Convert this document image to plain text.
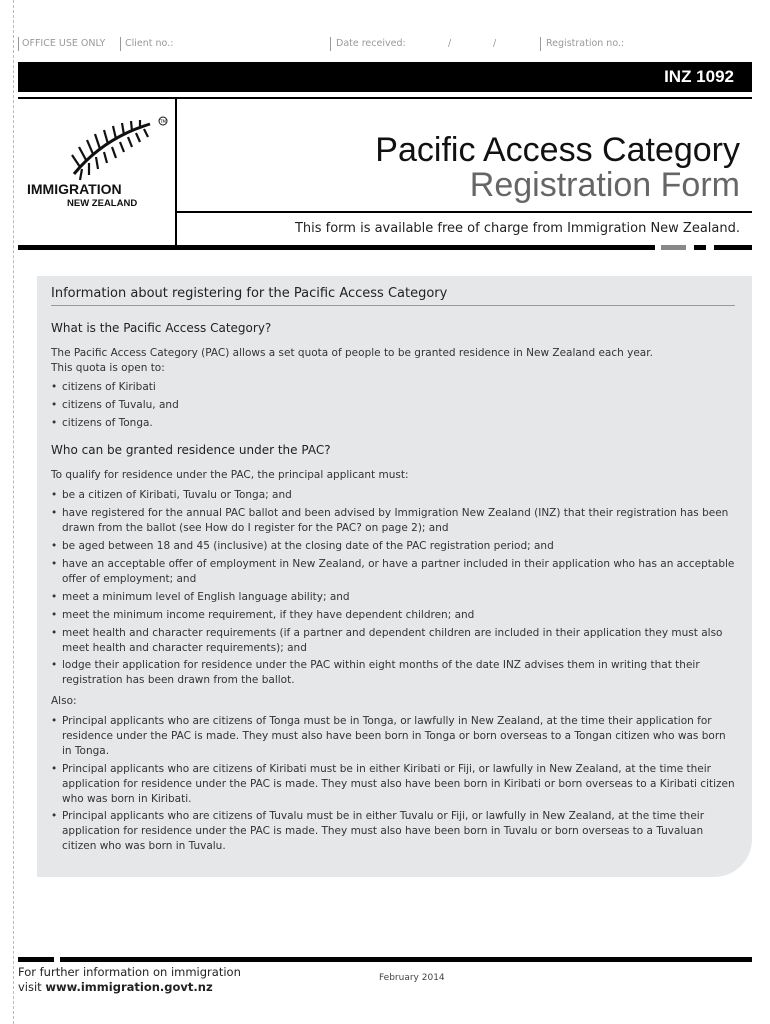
OFFICE USE ONLY Client no.:	Date received:	/	/	Registration no.:
INZ 1092
TM
IMMIGRATION
NEW ZEALAND
Pacific Access Category
Registration Form
This form is available free of charge from Immigration New Zealand.
Information about registering for the Pacific Access Category
What is the Pacific Access Category?
The Pacific Access Category (PAC) allows a set quota of people to be granted residence in New Zealand each year.
This quota is open to:
• citizens of Kiribati
• citizens of Tuvalu, and
• citizens of Tonga.
Who can be granted residence under the PAC?
To qualify for residence under the PAC, the principal applicant must:
• be a citizen of Kiribati, Tuvalu or Tonga; and
• have registered for the annual PAC ballot and been advised by Immigration New Zealand (INZ) that their registration has been drawn from the ballot (see How do I register for the PAC? on page 2); and
• be aged between 18 and 45 (inclusive) at the closing date of the PAC registration period; and
• have an acceptable offer of employment in New Zealand, or have a partner included in their application who has an acceptable offer of employment; and
• meet a minimum level of English language ability; and
• meet the minimum income requirement, if they have dependent children; and
• meet health and character requirements (if a partner and dependent children are included in their application they must also meet health and character requirements); and
• lodge their application for residence under the PAC within eight months of the date INZ advises them in writing that their registration has been drawn from the ballot.
Also:
• Principal applicants who are citizens of Tonga must be in Tonga, or lawfully in New Zealand, at the time their application for residence under the PAC is made. They must also have been born in Tonga or born overseas to a Tongan citizen who was born in Tonga.
• Principal applicants who are citizens of Kiribati must be in either Kiribati or Fiji, or lawfully in New Zealand, at the time their application for residence under the PAC is made. They must also have been born in Kiribati or born overseas to a Kiribati citizen who was born in Kiribati.
• Principal applicants who are citizens of Tuvalu must be in either Tuvalu or Fiji, or lawfully in New Zealand, at the time their application for residence under the PAC is made. They must also have been born in Tuvalu or born overseas to a Tuvaluan citizen who was born in Tuvalu.
For further information on immigration
visit www.immigration.govt.nz
February 2014
